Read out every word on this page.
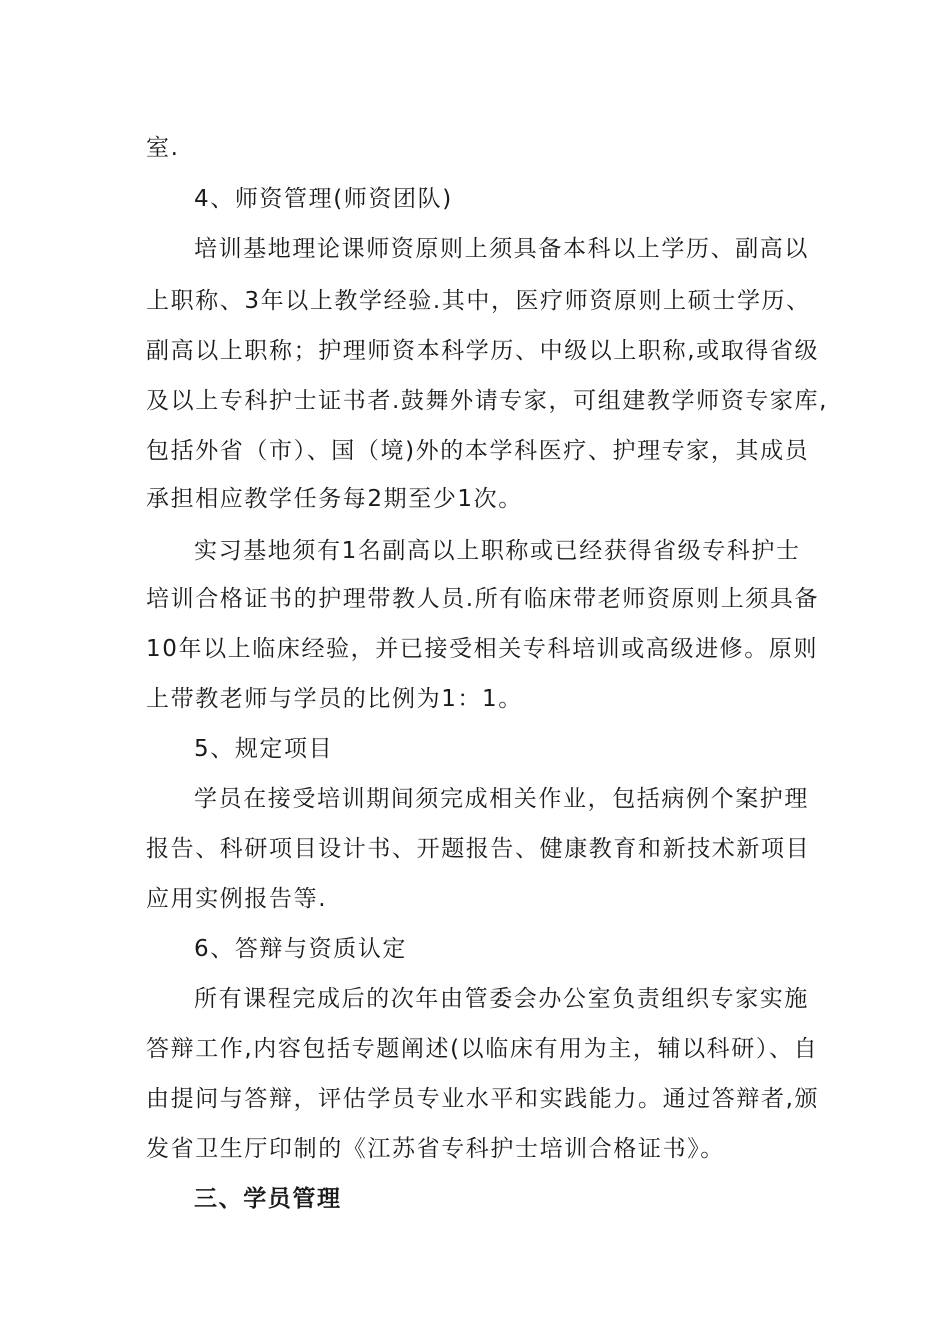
室.
4、师资管理(师资团队)
培训基地理论课师资原则上须具备本科以上学历、副高以
上职称、3年以上教学经验.其中，医疗师资原则上硕士学历、
副高以上职称；护理师资本科学历、中级以上职称,或取得省级
及以上专科护士证书者.鼓舞外请专家，可组建教学师资专家库,
包括外省（市）、国（境)外的本学科医疗、护理专家，其成员
承担相应教学任务每2期至少1次。
实习基地须有1名副高以上职称或已经获得省级专科护士
培训合格证书的护理带教人员.所有临床带老师资原则上须具备
10年以上临床经验，并已接受相关专科培训或高级进修。原则
上带教老师与学员的比例为1：1。
5、规定项目
学员在接受培训期间须完成相关作业，包括病例个案护理
报告、科研项目设计书、开题报告、健康教育和新技术新项目
应用实例报告等.
6、答辩与资质认定
所有课程完成后的次年由管委会办公室负责组织专家实施
答辩工作,内容包括专题阐述(以临床有用为主，辅以科研）、自
由提问与答辩，评估学员专业水平和实践能力。通过答辩者,颁
发省卫生厅印制的《江苏省专科护士培训合格证书》。
三、学员管理
